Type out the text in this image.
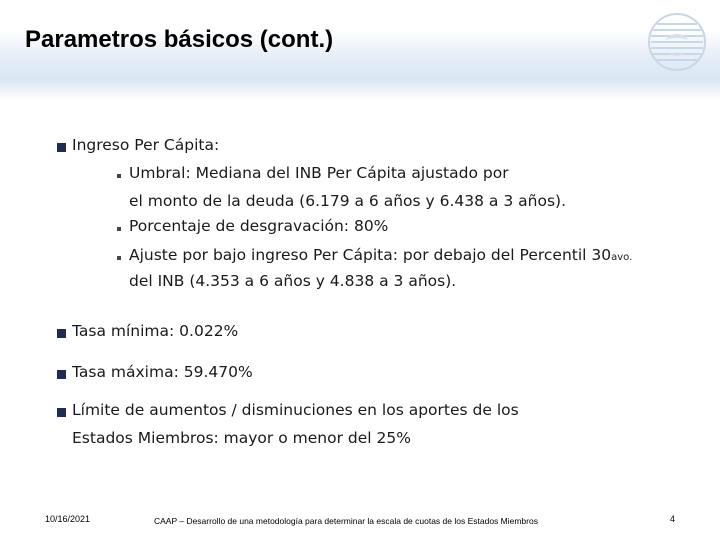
Parametros básicos (cont.)
Ingreso Per Cápita:
Umbral: Mediana del INB Per Cápita ajustado por
el monto de la deuda (6.179 a 6 años y 6.438 a 3 años).
Porcentaje de desgravación: 80%
Ajuste por bajo ingreso Per Cápita: por debajo del Percentil 30avo.
del INB (4.353 a 6 años y 4.838 a 3 años).
Tasa mínima: 0.022%
Tasa máxima: 59.470%
Límite de aumentos / disminuciones en los aportes de los
Estados Miembros: mayor o menor del 25%
10/16/2021	CAAP – Desarrollo de una metodología para determinar la escala de cuotas de los Estados Miembros	4
